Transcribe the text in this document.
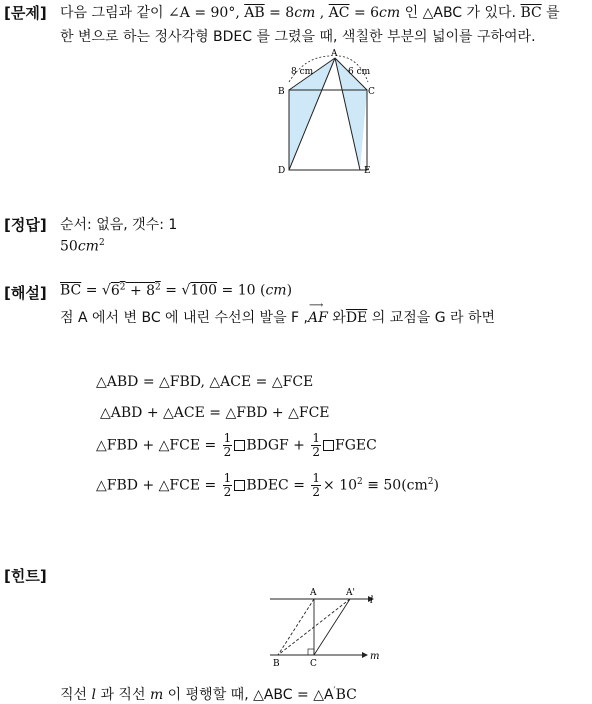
[문제] 다음 그림과 같이 ∠A = 90°, $\overline{AB} = 8cm$ , $\overline{AC} = 6cm$ 인 △ABC 가 있다. $\overline{BC}$ 를
한 변으로 하는 정사각형 BDEC 를 그렸을 때, 색칠한 부분의 넓이를 구하여라.
A
B	C
D	E
8 cm	6 cm
[정답] 순서: 없음, 갯수: 1
$50cm^2$
[해설] $\overline{BC} = √6^2 + 8^2 = √100 = 10$ (cm)
점 A 에서 변 BC 에 내린 수선의 발을 F ,
⟶
AF 와$\overline{DE}$ 의 교점을 G 라 하면
△ABD = △FBD, △ACE = △FCE
△ABD + △ACE = △FBD + △FCE
△FBD + △FCE = $\frac{1}{2}$ BDGF + $\frac{1}{2}$ FGEC
△FBD + △FCE = $\frac{1}{2}$ BDEC = $\frac{1}{2} \times 10^2 \equiv 50(cm^2)$
[힌트]
A	A'
l
B	C
m
직선 l 과 직선 m 이 평행할 때, △ABC = △A′BC
